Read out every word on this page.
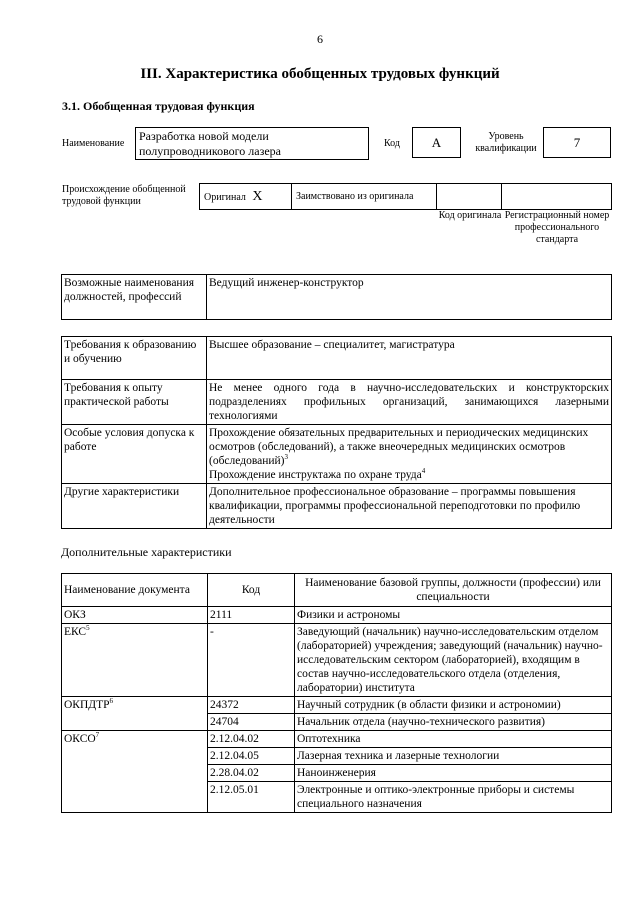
6
III. Характеристика обобщенных трудовых функций
3.1. Обобщенная трудовая функция
Наименование
Разработка новой модели полупроводникового лазера
Код	A	Уровень квалификации	7
Происхождение обобщенной трудовой функции	Оригинал X	Заимствовано из оригинала
Код оригинала Регистрационный номер профессионального стандарта
Возможные наименования должностей, профессий	Ведущий инженер-конструктор
Требования к образованию и обучению	Высшее образование – специалитет, магистратура
Требования к опыту практической работы	Не менее одного года в научно-исследовательских и конструкторских подразделениях профильных организаций, занимающихся лазерными технологиями
Особые условия допуска к работе	Прохождение обязательных предварительных и периодических медицинских осмотров (обследований), а также внеочередных медицинских осмотров (обследований)$^3$
Прохождение инструктажа по охране труда$^4$
Другие характеристики	Дополнительное профессиональное образование – программы повышения квалификации, программы профессиональной переподготовки по профилю деятельности
Дополнительные характеристики
Наименование документа	Код	Наименование базовой группы, должности (профессии) или специальности
ОКЗ	2111	Физики и астрономы
ЕКС$^5$	-	Заведующий (начальник) научно-исследовательским отделом (лабораторией) учреждения; заведующий (начальник) научно-исследовательским сектором (лабораторией), входящим в состав научно-исследовательского отдела (отделения, лаборатории) института
ОКПДТР$^6$	24372	Научный сотрудник (в области физики и астрономии)
	24704	Начальник отдела (научно-технического развития)
ОКСО$^7$	2.12.04.02	Оптотехника
	2.12.04.05	Лазерная техника и лазерные технологии
	2.28.04.02	Наноинженерия
	2.12.05.01	Электронные и оптико-электронные приборы и системы специального назначения
